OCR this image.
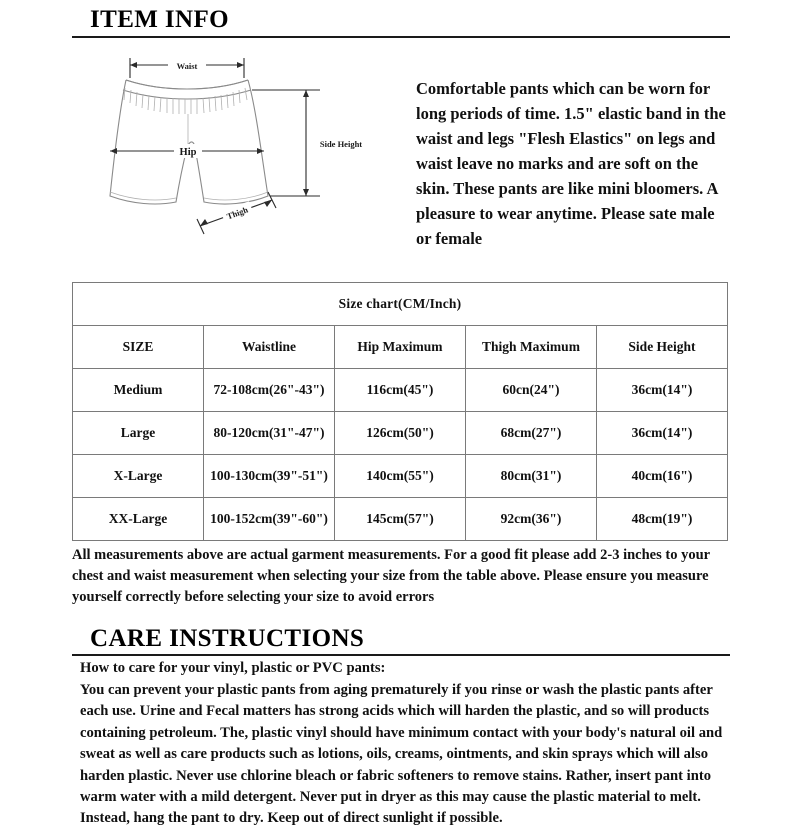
ITEM INFO
Waist
Hip
Side Height
Thigh

Comfortable pants which can be worn for long periods of time. 1.5" elastic band in the waist and legs "Flesh Elastics" on legs and waist leave no marks and are soft on the skin. These pants are like mini bloomers. A pleasure to wear anytime. Please sate male or female

Size chart(CM/Inch)				
SIZE	Waistline	Hip Maximum	Thigh Maximum	Side Height
Medium	72-108cm(26"-43")	116cm(45")	60cn(24")	36cm(14")
Large	80-120cm(31"-47")	126cm(50")	68cm(27")	36cm(14")
X-Large	100-130cm(39"-51")	140cm(55")	80cm(31")	40cm(16")
XX-Large	100-152cm(39"-60")	145cm(57")	92cm(36")	48cm(19")

All measurements above are actual garment measurements. For a good fit please add 2-3 inches to your chest and waist measurement when selecting your size from the table above. Please ensure you measure yourself correctly before selecting your size to avoid errors

CARE INSTRUCTIONS

How to care for your vinyl, plastic or PVC pants:

You can prevent your plastic pants from aging prematurely if you rinse or wash the plastic pants after each use. Urine and Fecal matters has strong acids which will harden the plastic, and so will products containing petroleum. The, plastic vinyl should have minimum contact with your body's natural oil and sweat as well as care products such as lotions, oils, creams, ointments, and skin sprays which will also harden plastic. Never use chlorine bleach or fabric softeners to remove stains. Rather, insert pant into warm water with a mild detergent. Never put in dryer as this may cause the plastic material to melt. Instead, hang the pant to dry. Keep out of direct sunlight if possible.
